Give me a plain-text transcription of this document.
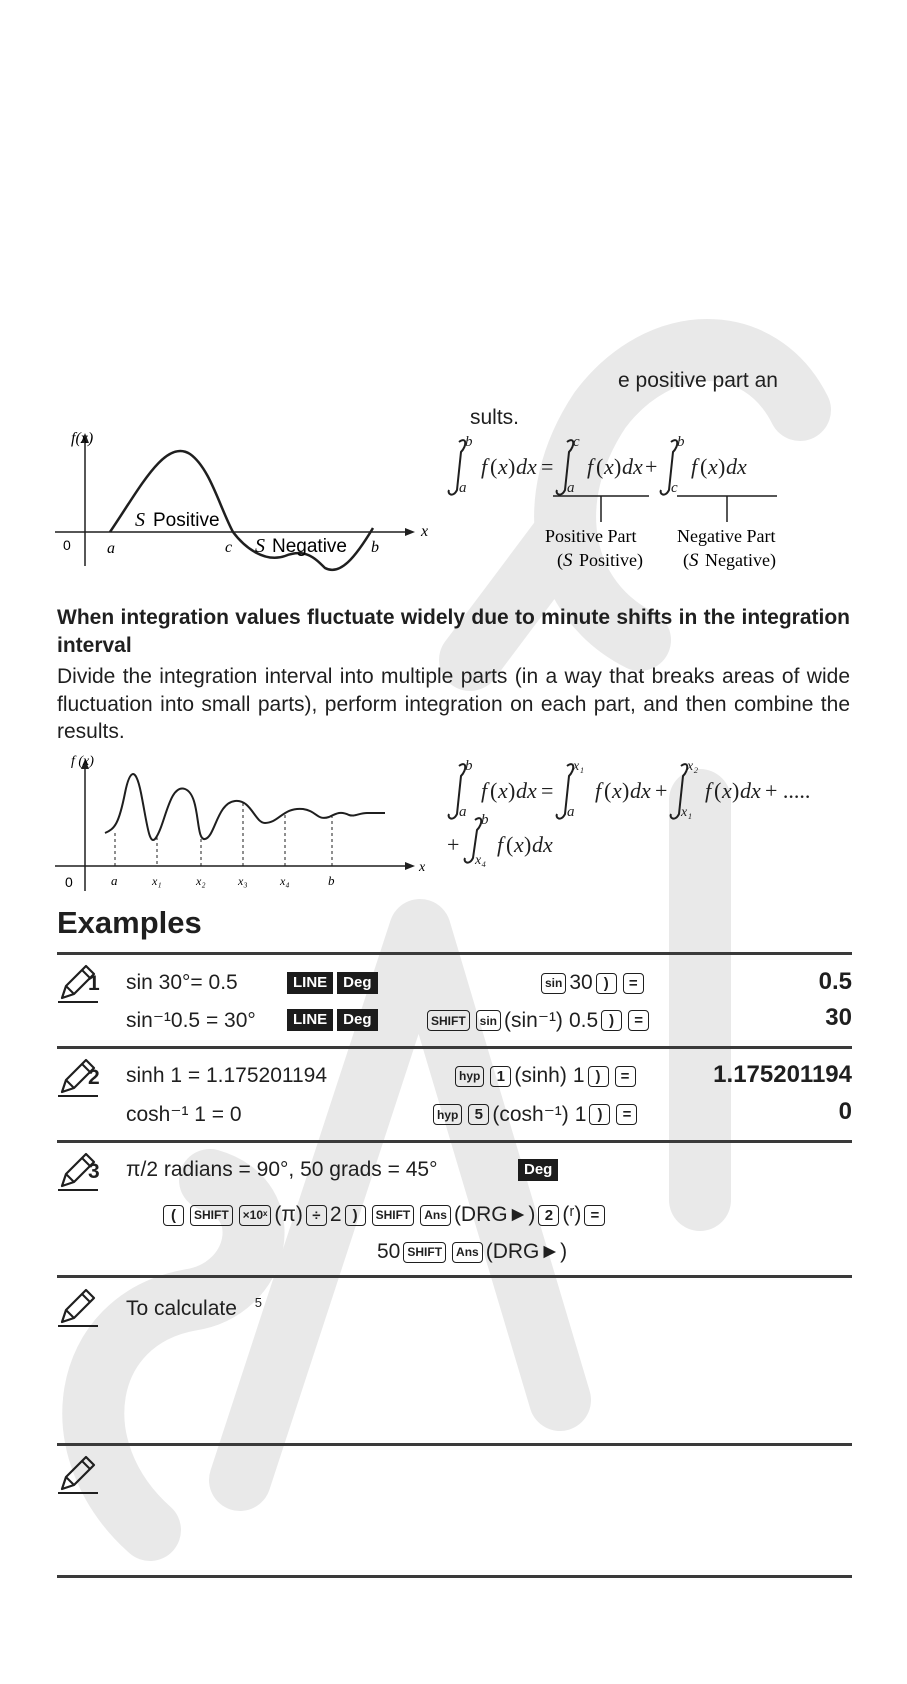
e positive part an
sults.
f(x)
0
x
a	c	b
S Positive
S Negative
b
a
f ( x ) dx =
c
a
f ( x ) dx +
b
c
f ( x ) dx
Positive Part
( S Positive)
Negative Part
( S Negative)
When integration values fluctuate widely due to minute shifts in the integration interval

Divide the integration interval into multiple parts (in a way that breaks areas of wide fluctuation into small parts), perform integration on each part, and then combine the results.

f (x)
0
x
a	x₁	x₂	x₃	x₄	b
b
a
f ( x ) dx =
x₁
a
f ( x ) dx +
x₂
x₁
f ( x ) dx + .....
+
b
x₄
f ( x ) dx
Examples
1 sin 30°= 0.5	LINE	Deg	sin 30 )	=	0.5
sin⁻¹0.5 = 30°	LINE	Deg	SHIFT	sin (sin⁻¹) 0.5 )	=	30
2 sinh 1 = 1.175201194	hyp	1 (sinh) 1 )	=	1.175201194
cosh⁻¹ 1 = 0	hyp	5 (cosh⁻¹) 1 )	=	0
3 π/2 radians = 90°, 50 grads = 45°	Deg
(	SHIFT	×10ˣ (π) ÷ 2 )	SHIFT	Ans (DRG►) 2 (ʳ) =
50 SHIFT	Ans (DRG►)
To calculate $^5$
